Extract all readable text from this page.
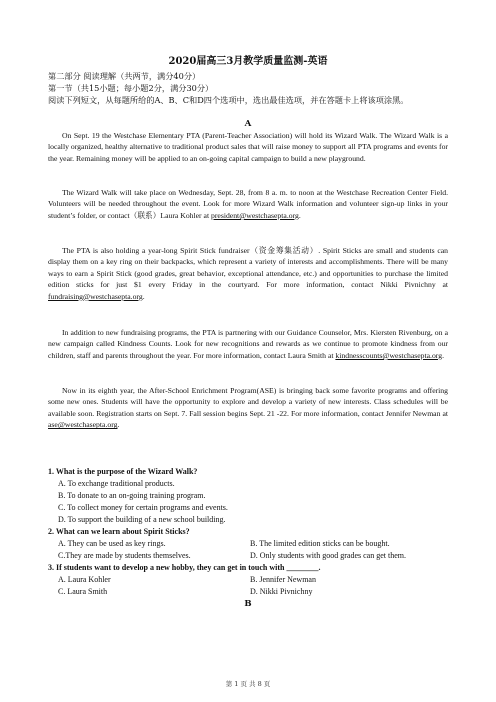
2020届高三3月教学质量监测-英语
第二部分 阅读理解（共两节，满分40分）
第一节（共15小题；每小题2分，满分30分）
阅读下列短文，从每题所给的A、B、C和D四个选项中，选出最佳选项，并在答题卡上将该项涂黑。
A

On Sept. 19 the Westchase Elementary PTA (Parent-Teacher Association) will hold its Wizard Walk. The Wizard Walk is a locally organized, healthy alternative to traditional product sales that will raise money to support all PTA programs and events for the year. Remaining money will be applied to an on-going capital campaign to build a new playground.

The Wizard Walk will take place on Wednesday, Sept. 28, from 8 a. m. to noon at the Westchase Recreation Center Field. Volunteers will be needed throughout the event. Look for more Wizard Walk information and volunteer sign-up links in your student’s folder, or contact（联系）Laura Kohler at president@westchasepta.org.

The PTA is also holding a year-long Spirit Stick fundraiser（资金筹集活动）. Spirit Sticks are small and students can display them on a key ring on their backpacks, which represent a variety of interests and accomplishments. There will be many ways to earn a Spirit Stick (good grades, great behavior, exceptional attendance, etc.) and opportunities to purchase the limited edition sticks for just $1 every Friday in the courtyard. For more information, contact Nikki Pivnichny at fundraising@westchasepta.org.

In addition to new fundraising programs, the PTA is partnering with our Guidance Counselor, Mrs. Kiersten Rivenburg, on a new campaign called Kindness Counts. Look for new recognitions and rewards as we continue to promote kindness from our children, staff and parents throughout the year. For more information, contact Laura Smith at kindnesscounts@westchasepta.org.

Now in its eighth year, the After-School Enrichment Program(ASE) is bringing back some favorite programs and offering some new ones. Students will have the opportunity to explore and develop a variety of new interests. Class schedules will be available soon. Registration starts on Sept. 7. Fall session begins Sept. 21 -22. For more information, contact Jennifer Newman at ase@westchasepta.org.

1. What is the purpose of the Wizard Walk?
A. To exchange traditional products.
B. To donate to an on-going training program.
C. To collect money for certain programs and events.
D. To support the building of a new school building.
2. What can we learn about Spirit Sticks?
A. They can be used as key rings.	B. The limited edition sticks can be bought.
C.They are made by students themselves.	D. Only students with good grades can get them.
3. If students want to develop a new hobby, they can get in touch with ________.
A. Laura Kohler	B. Jennifer Newman
C. Laura Smith	D. Nikki Pivnichny
B
第 1 页 共 8 页
